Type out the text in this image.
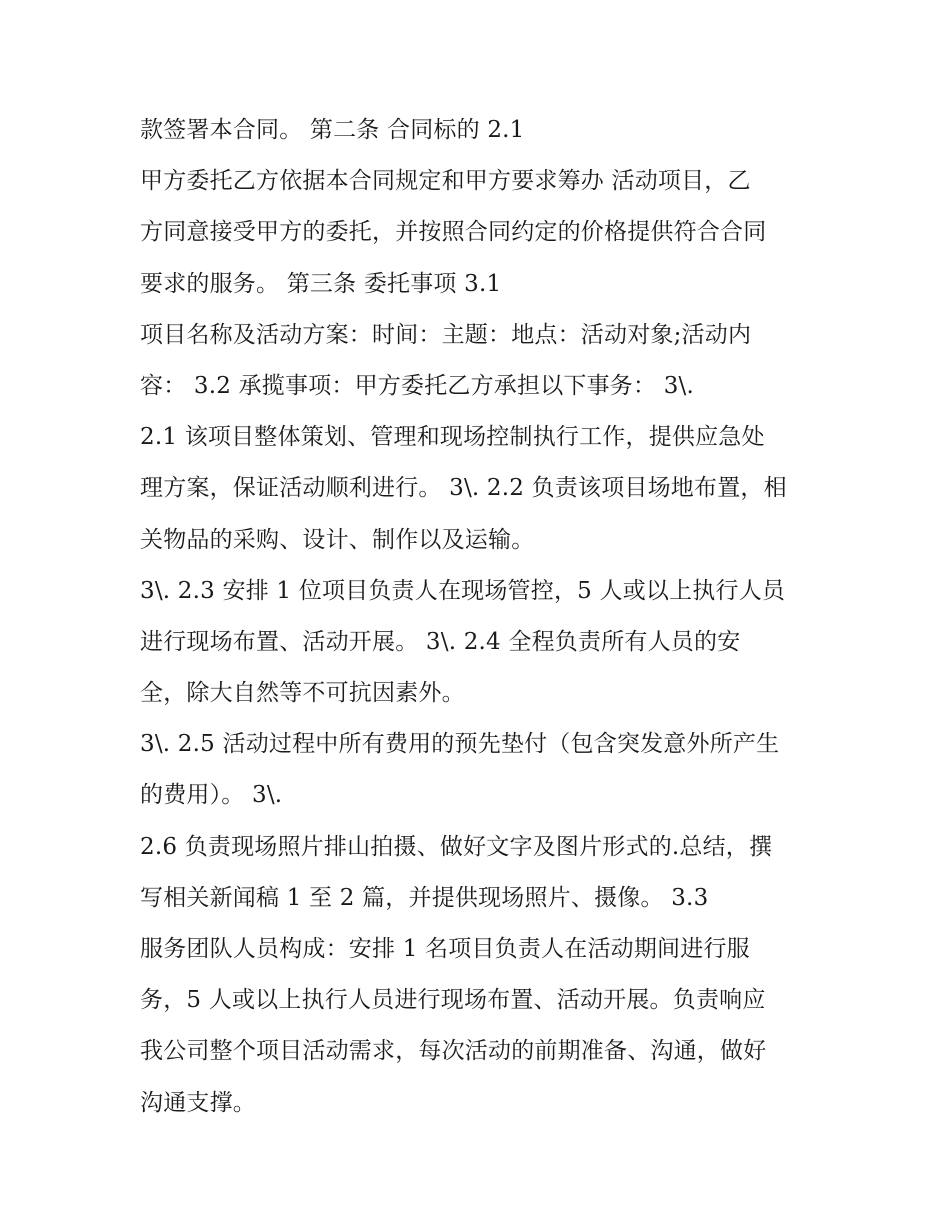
款签署本合同。 第二条 合同标的 2.1
甲方委托乙方依据本合同规定和甲方要求筹办 活动项目，乙
方同意接受甲方的委托，并按照合同约定的价格提供符合合同
要求的服务。 第三条 委托事项 3.1
项目名称及活动方案：时间：主题：地点：活动对象;活动内
容： 3.2 承揽事项：甲方委托乙方承担以下事务： 3\.
2.1 该项目整体策划、管理和现场控制执行工作，提供应急处
理方案，保证活动顺利进行。 3\. 2.2 负责该项目场地布置，相
关物品的采购、设计、制作以及运输。
3\. 2.3 安排 1 位项目负责人在现场管控，5 人或以上执行人员
进行现场布置、活动开展。 3\. 2.4 全程负责所有人员的安
全，除大自然等不可抗因素外。
3\. 2.5 活动过程中所有费用的预先垫付（包含突发意外所产生
的费用）。 3\.
2.6 负责现场照片排山拍摄、做好文字及图片形式的.总结，撰
写相关新闻稿 1 至 2 篇，并提供现场照片、摄像。 3.3
服务团队人员构成：安排 1 名项目负责人在活动期间进行服
务，5 人或以上执行人员进行现场布置、活动开展。负责响应
我公司整个项目活动需求，每次活动的前期准备、沟通，做好
沟通支撑。
